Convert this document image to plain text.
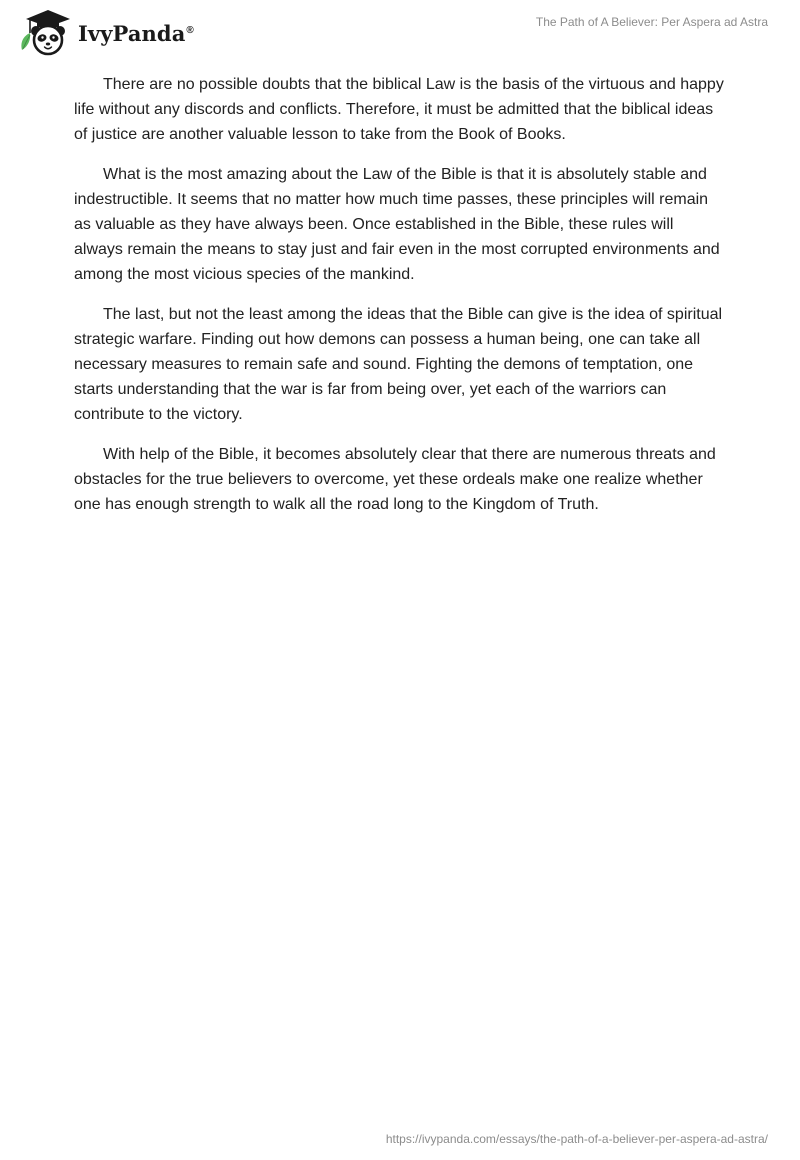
IvyPanda®
The Path of A Believer: Per Aspera ad Astra

There are no possible doubts that the biblical Law is the basis of the virtuous and happy life without any discords and conflicts. Therefore, it must be admitted that the biblical ideas of justice are another valuable lesson to take from the Book of Books.

What is the most amazing about the Law of the Bible is that it is absolutely stable and indestructible. It seems that no matter how much time passes, these principles will remain as valuable as they have always been. Once established in the Bible, these rules will always remain the means to stay just and fair even in the most corrupted environments and among the most vicious species of the mankind.

The last, but not the least among the ideas that the Bible can give is the idea of spiritual strategic warfare. Finding out how demons can possess a human being, one can take all necessary measures to remain safe and sound. Fighting the demons of temptation, one starts understanding that the war is far from being over, yet each of the warriors can contribute to the victory.

With help of the Bible, it becomes absolutely clear that there are numerous threats and obstacles for the true believers to overcome, yet these ordeals make one realize whether one has enough strength to walk all the road long to the Kingdom of Truth.

https://ivypanda.com/essays/the-path-of-a-believer-per-aspera-ad-astra/
